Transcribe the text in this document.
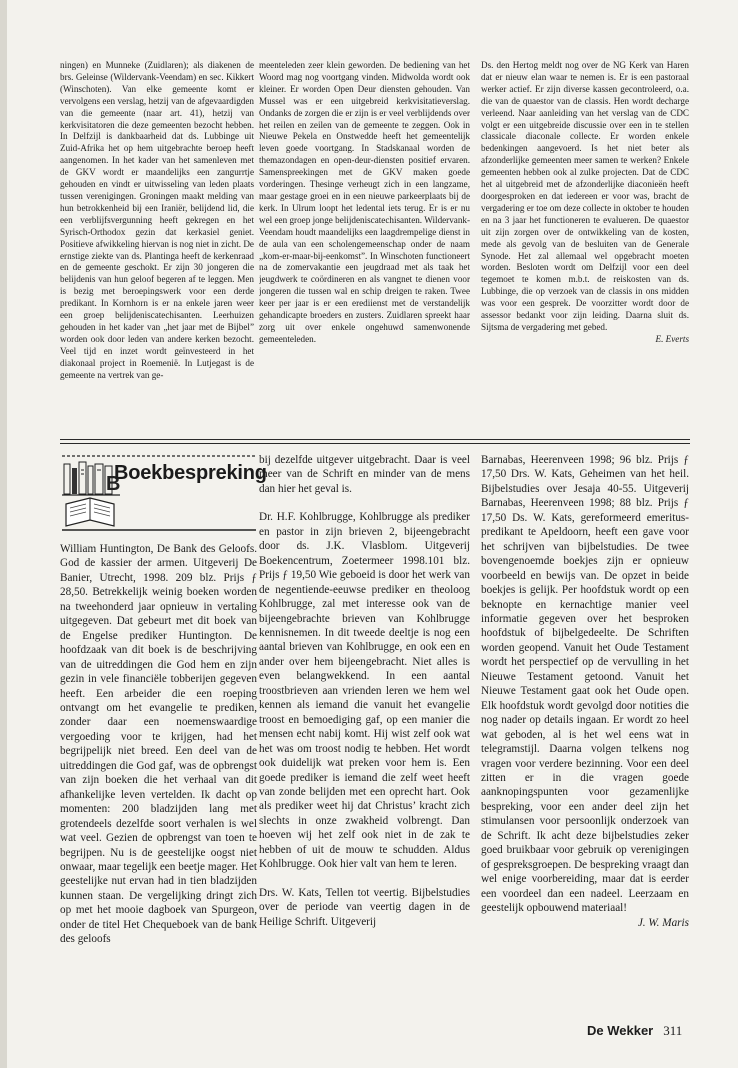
ningen) en Munneke (Zuidlaren); als diakenen de brs. Geleinse (Wildervank-Veendam) en sec. Kikkert (Winschoten). Van elke gemeente komt er vervolgens een verslag, hetzij van de afgevaardigden van die gemeente (naar art. 41), hetzij van kerkvisitatoren die deze gemeenten bezocht hebben. In Delfzijl is dankbaarheid dat ds. Lubbinge uit Zuid-Afrika het op hem uitgebrachte beroep heeft aangenomen. In het kader van het samenleven met de GKV wordt er maandelijks een zangurrtje gehouden en vindt er uitwisseling van leden plaats tussen verenigingen. Groningen maakt melding van hun betrokkenheid bij een Iraniër, belijdend lid, die een verblijfsvergunning heeft gekregen en het Syrisch-Orthodox gezin dat kerkasiel geniet. Positieve afwikkeling hiervan is nog niet in zicht. De ernstige ziekte van ds. Plantinga heeft de kerkenraad en de gemeente geschokt. Er zijn 30 jongeren die belijdenis van hun geloof begeren af te leggen. Men is bezig met beroepingswerk voor een derde predikant. In Kornhorn is er na enkele jaren weer een groep belijdeniscatechisanten. Leerhuizen gehouden in het kader van „het jaar met de Bijbel” worden ook door leden van andere kerken bezocht. Veel tijd en inzet wordt geïnvesteerd in het diakonaal project in Roemenië. In Lutjegast is de gemeente na vertrek van ge-

meenteleden zeer klein geworden. De bediening van het Woord mag nog voortgang vinden. Midwolda wordt ook kleiner. Er worden Open Deur diensten gehouden. Van Mussel was er een uitgebreid kerkvisitatieverslag. Ondanks de zorgen die er zijn is er veel verblijdends over het reilen en zeilen van de gemeente te zeggen. Ook in Nieuwe Pekela en Onstwedde heeft het gemeentelijk leven goede voortgang. In Stadskanaal worden de themazondagen en open-deur-diensten positief ervaren. Samenspreekingen met de GKV maken goede vorderingen. Thesinge verheugt zich in een langzame, maar gestage groei en in een nieuwe parkeerplaats bij de kerk. In Ulrum loopt het ledental iets terug. Er is er nu wel een groep jonge belijdeniscatechisanten. Wildervank-Veendam houdt maandelijks een laagdrempelige dienst in de aula van een scholengemeenschap onder de naam „kom-er-maar-bij-eenkomst”. In Winschoten functioneert na de zomervakantie een jeugdraad met als taak het jeugdwerk te coördineren en als vangnet te dienen voor jongeren die tussen wal en schip dreigen te raken. Twee keer per jaar is er een erediienst met de verstandelijk gehandicapte broeders en zusters. Zuidlaren spreekt haar zorg uit over enkele ongehuwd samenwonende gemeenteleden.

Ds. den Hertog meldt nog over de NG Kerk van Haren dat er nieuw elan waar te nemen is. Er is een pastoraal werker actief. Er zijn diverse kassen gecontroleerd, o.a. die van de quaestor van de classis. Hen wordt decharge verleend. Naar aanleiding van het verslag van de CDC volgt er een uitgebreide discussie over een in te stellen classicale diaconale collecte. Er worden enkele bedenkingen aangevoerd. Is het niet beter als afzonderlijke gemeenten meer samen te werken? Enkele gemeenten hebben ook al zulke projecten. Dat de CDC het al uitgebreid met de afzonderlijke diaconieën heeft doorgesproken en dat iedereen er voor was, bracht de vergadering er toe om deze collecte in oktober te houden en na 3 jaar het functioneren te evalueren. De quaestor uit zijn zorgen over de ontwikkeling van de kosten, mede als gevolg van de besluiten van de Generale Synode. Het zal allemaal wel opgebracht moeten worden. Besloten wordt om Delfzijl voor een deel tegemoet te komen m.b.t. de reiskosten van ds. Lubbinge, die op verzoek van de classis in ons midden was voor een gesprek. De voorzitter wordt door de assessor bedankt voor zijn leiding. Daarna sluit ds. Sijtsma de vergadering met gebed.

E. Everts

B
Boekbespreking

William Huntington, De Bank des Geloofs. God de kassier der armen. Uitgeverij De Banier, Utrecht, 1998. 209 blz. Prijs ƒ 28,50. Betrekkelijk weinig boeken worden na tweehonderd jaar opnieuw in vertaling uitgegeven. Dat gebeurt met dit boek van de Engelse prediker Huntington. De hoofdzaak van dit boek is de beschrijving van de uitreddingen die God hem en zijn gezin in vele financiële tobberijen gegeven heeft. Een arbeider die een roeping ontvangt om het evangelie te prediken, zonder daar een noemenswaardige vergoeding voor te krijgen, had het begrijpelijk niet breed. Een deel van de uitreddingen die God gaf, was de opbrengst van zijn boeken die het verhaal van dit afhankelijke leven vertelden. Ik dacht op momenten: 200 bladzijden lang met grotendeels dezelfde soort verhalen is wel wat veel. Gezien de opbrengst van toen te begrijpen. Nu is de geestelijke oogst niet onwaar, maar tegelijk een beetje mager. Het geestelijke nut ervan had in tien bladzijden kunnen staan. De vergelijking dringt zich op met het mooie dagboek van Spurgeon, onder de titel Het Chequeboek van de bank des geloofs

bij dezelfde uitgever uitgebracht. Daar is veel meer van de Schrift en minder van de mens dan hier het geval is.

Dr. H.F. Kohlbrugge, Kohlbrugge als prediker en pastor in zijn brieven 2, bijeengebracht door ds. J.K. Vlasblom. Uitgeverij Boekencentrum, Zoetermeer 1998.101 blz. Prijs ƒ 19,50 Wie geboeid is door het werk van de negentiende-eeuwse prediker en theoloog Kohlbrugge, zal met interesse ook van de bijeengebrachte brieven van Kohlbrugge kennisnemen. In dit tweede deeltje is nog een aantal brieven van Kohlbrugge, en ook een en ander over hem bijeengebracht. Niet alles is even belangwekkend. In een aantal troostbrieven aan vrienden leren we hem wel kennen als iemand die vanuit het evangelie troost en bemoediging gaf, op een manier die mensen echt nabij komt. Hij wist zelf ook wat het was om troost nodig te hebben. Het wordt ook duidelijk wat preken voor hem is. Een goede prediker is iemand die zelf weet heeft van zonde belijden met een oprecht hart. Ook als prediker weet hij dat Christus’ kracht zich slechts in onze zwakheid volbrengt. Dan hoeven wij het zelf ook niet in de zak te hebben of uit de mouw te schudden. Aldus Kohlbrugge. Ook hier valt van hem te leren.

Drs. W. Kats, Tellen tot veertig. Bijbelstudies over de periode van veertig dagen in de Heilige Schrift. Uitgeverij

Barnabas, Heerenveen 1998; 96 blz. Prijs ƒ 17,50 Drs. W. Kats, Geheimen van het heil. Bijbelstudies over Jesaja 40-55. Uitgeverij Barnabas, Heerenveen 1998; 88 blz. Prijs ƒ 17,50 Ds. W. Kats, gereformeerd emeritus-predikant te Apeldoorn, heeft een gave voor het schrijven van bijbelstudies. De twee bovengenoemde boekjes zijn er opnieuw voorbeeld en bewijs van. De opzet in beide boekjes is gelijk. Per hoofdstuk wordt op een beknopte en kernachtige manier veel informatie gegeven over het besproken hoofdstuk of bijbelgedeelte. De Schriften worden geopend. Vanuit het Oude Testament wordt het perspectief op de vervulling in het Nieuwe Testament getoond. Vanuit het Nieuwe Testament gaat ook het Oude open. Elk hoofdstuk wordt gevolgd door notities die nog nader op details ingaan. Er wordt zo heel wat geboden, al is het wel eens wat in telegramstijl. Daarna volgen telkens nog vragen voor verdere bezinning. Voor een deel zitten er in die vragen goede aanknopingspunten voor gezamenlijke bespreking, voor een ander deel zijn het stimulansen voor persoonlijk onderzoek van de Schrift. Ik acht deze bijbelstudies zeker goed bruikbaar voor gebruik op verenigingen of gespreksgroepen. De bespreking vraagt dan wel enige voorbereiding, maar dat is eerder een voordeel dan een nadeel. Leerzaam en geestelijk opbouwend materiaal!

J. W. Maris

De Wekker 311
